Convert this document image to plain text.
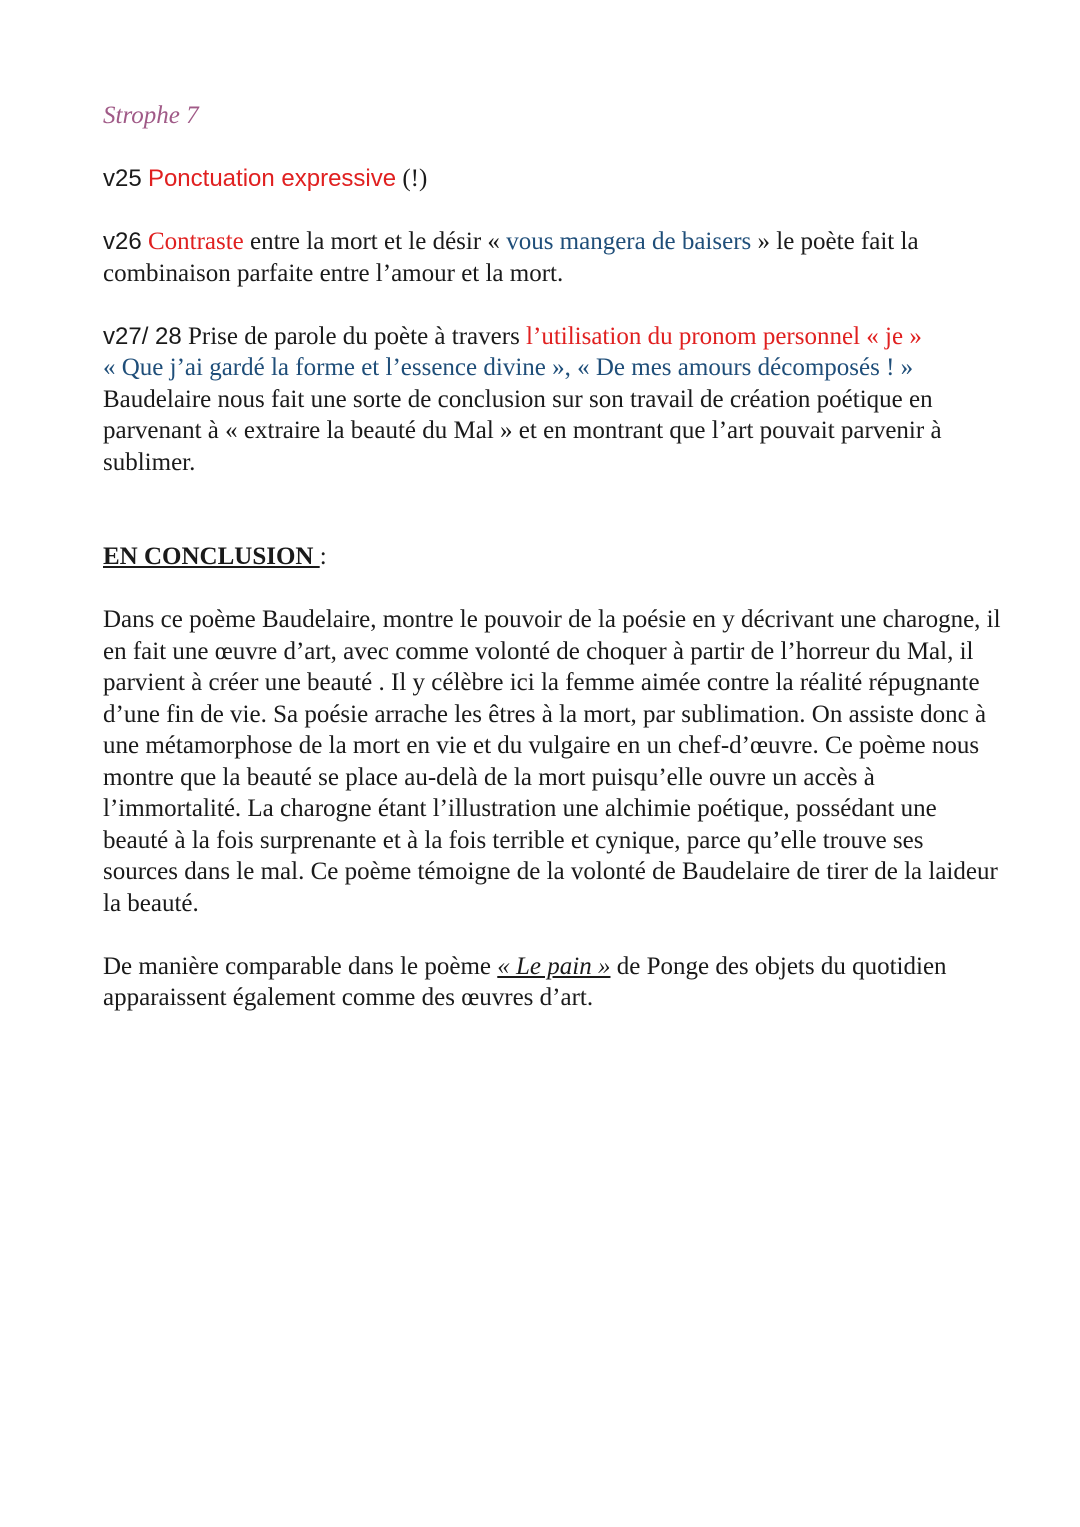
Strophe 7

v25 Ponctuation expressive (!)

v26 Contraste entre la mort et le désir « vous mangera de baisers » le poète fait la combinaison parfaite entre l’amour et la mort.

v27/ 28 Prise de parole du poète à travers l’utilisation du pronom personnel « je »
« Que j’ai gardé la forme et l’essence divine », « De mes amours décomposés ! » Baudelaire nous fait une sorte de conclusion sur son travail de création poétique en parvenant à « extraire la beauté du Mal » et en montrant que l’art pouvait parvenir à sublimer.

EN CONCLUSION :

Dans ce poème Baudelaire, montre le pouvoir de la poésie en y décrivant une charogne, il en fait une œuvre d’art, avec comme volonté de choquer à partir de l’horreur du Mal, il parvient à créer une beauté . Il y célèbre ici la femme aimée contre la réalité répugnante d’une fin de vie. Sa poésie arrache les êtres à la mort, par sublimation. On assiste donc à une métamorphose de la mort en vie et du vulgaire en un chef-d’œuvre. Ce poème nous montre que la beauté se place au-delà de la mort puisqu’elle ouvre un accès à l’immortalité. La charogne étant l’illustration une alchimie poétique, possédant une beauté à la fois surprenante et à la fois terrible et cynique, parce qu’elle trouve ses sources dans le mal. Ce poème témoigne de la volonté de Baudelaire de tirer de la laideur la beauté.

De manière comparable dans le poème « Le pain » de Ponge des objets du quotidien apparaissent également comme des œuvres d’art.
